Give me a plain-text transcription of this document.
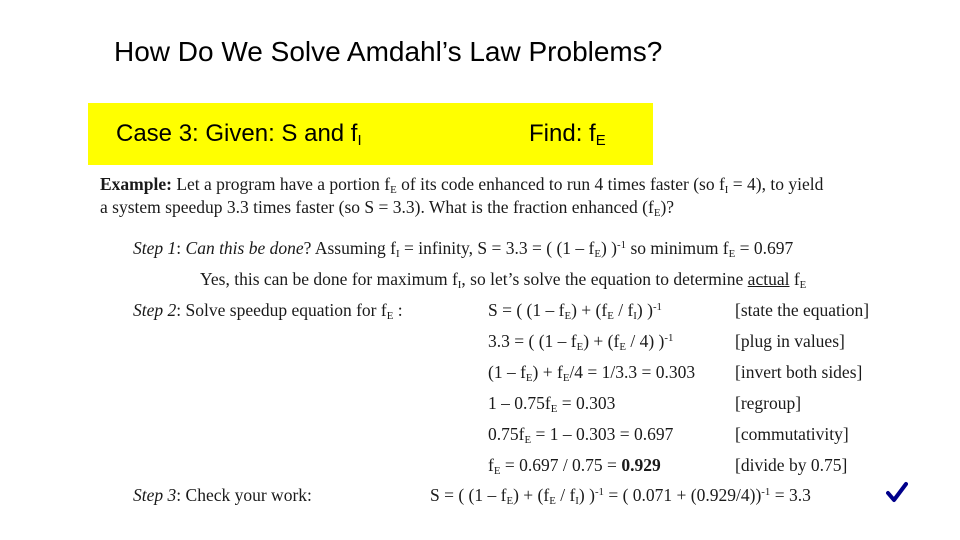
How Do We Solve Amdahl’s Law Problems?
Case 3: Given: S and $f_I$	Find: $f_E$
Example: Let a program have a portion $f_E$ of its code enhanced to run 4 times faster (so $f_I = 4$), to yield
a system speedup 3.3 times faster (so S = 3.3). What is the fraction enhanced $(f_E)$?
Step 1: Can this be done? Assuming $f_I$ = infinity, S = 3.3 = ( $(1 - f_E)$ )$^{-1}$ so minimum $f_E = 0.697$
Yes, this can be done for maximum $f_I$, so let’s solve the equation to determine actual $f_E$
Step 2: Solve speedup equation for $f_E$ :	S = ( $(1 - f_E) + (f_E / f_I)$ )$^{-1}$	[state the equation]
3.3 = ( $(1 - f_E) + (f_E / 4)$ )$^{-1}$	[plug in values]
$(1 - f_E) + f_E/4 = 1/3.3 = 0.303$ [invert both sides]
$1 - 0.75f_E = 0.303$	[regroup]
$0.75f_E = 1 - 0.303 = 0.697$	[commutativity]
$f_E = 0.697 / 0.75 = 0.929$	[divide by 0.75]
Step 3: Check your work:	S = ( $(1 - f_E) + (f_E / f_I)$ )$^{-1}$ = ( 0.071 + (0.929/4))$^{-1}$ = 3.3
